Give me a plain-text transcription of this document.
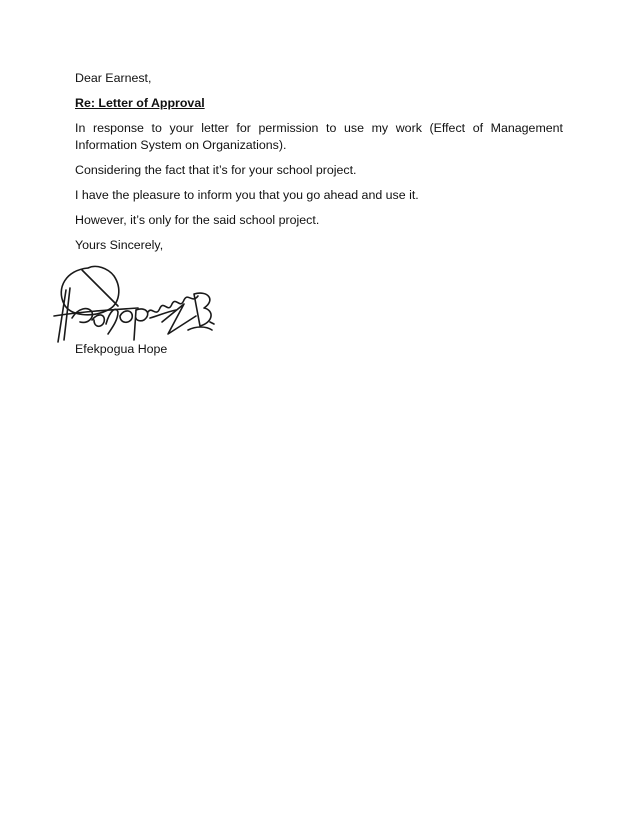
Dear Earnest,

Re: Letter of Approval

In response to your letter for permission to use my work (Effect of Management Information System on Organizations).

Considering the fact that it’s for your school project.

I have the pleasure to inform you that you go ahead and use it.

However, it’s only for the said school project.

Yours Sincerely,

Efekpogua Hope
